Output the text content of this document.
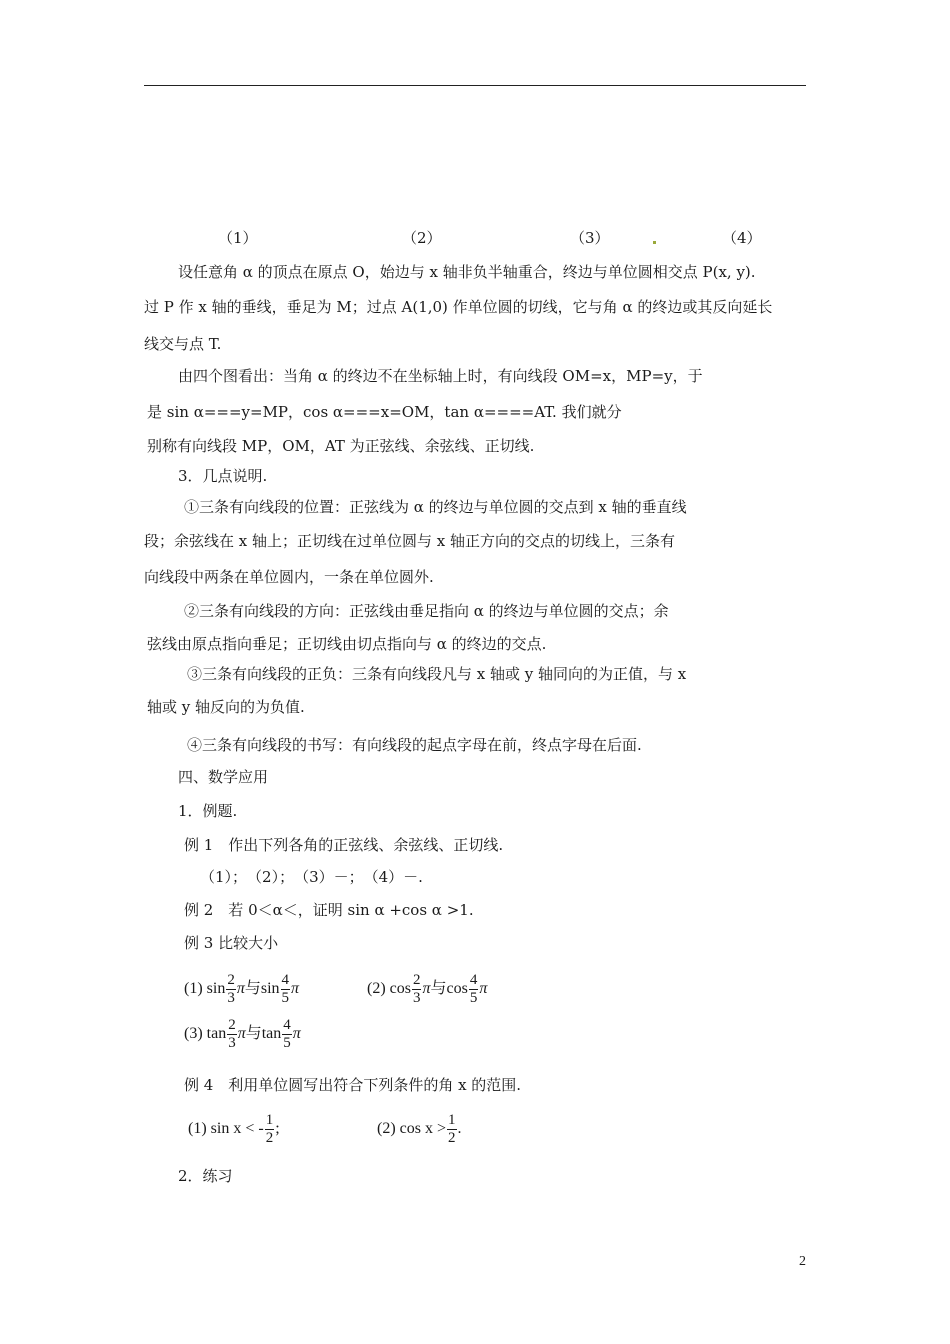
（1）	（2）	（3）	（4）
设任意角 α 的顶点在原点 O，始边与 x 轴非负半轴重合，终边与单位圆相交点 P(x, y).
过 P 作 x 轴的垂线，垂足为 M；过点 A(1,0) 作单位圆的切线，它与角 α 的终边或其反向延长
线交与点 T.
由四个图看出：当角 α 的终边不在坐标轴上时，有向线段 OM=x，MP=y，于
是 sin α===y=MP，cos α===x=OM，tan α====AT. 我们就分
别称有向线段 MP，OM，AT 为正弦线、余弦线、正切线.
3．几点说明.
①三条有向线段的位置：正弦线为 α 的终边与单位圆的交点到 x 轴的垂直线
段；余弦线在 x 轴上；正切线在过单位圆与 x 轴正方向的交点的切线上，三条有
向线段中两条在单位圆内，一条在单位圆外.
②三条有向线段的方向：正弦线由垂足指向 α 的终边与单位圆的交点；余
弦线由原点指向垂足；正切线由切点指向与 α 的终边的交点.
③三条有向线段的正负：三条有向线段凡与 x 轴或 y 轴同向的为正值，与 x
轴或 y 轴反向的为负值.
④三条有向线段的书写：有向线段的起点字母在前，终点字母在后面.
四、数学应用
1．例题.
例 1　作出下列各角的正弦线、余弦线、正切线.
（1）；　（2）；　（3）－；　（4）－.
例 2　若 0＜α＜，证明 sin α +cos α >1.
例 3 比较大小
(1) $\sin \frac{2}{3}$ π与$\sin \frac{4}{5}$ π	(2) $\cos \frac{2}{3}$ π与$\cos \frac{4}{5}$ π
(3) $\tan \frac{2}{3}$ π与$\tan \frac{4}{5}$ π
例 4　利用单位圆写出符合下列条件的角 x 的范围.
(1) sin x < - $\frac{1}{2}$ ;	(2) $\cos x > \frac{1}{2}$ .
2．练习
2
